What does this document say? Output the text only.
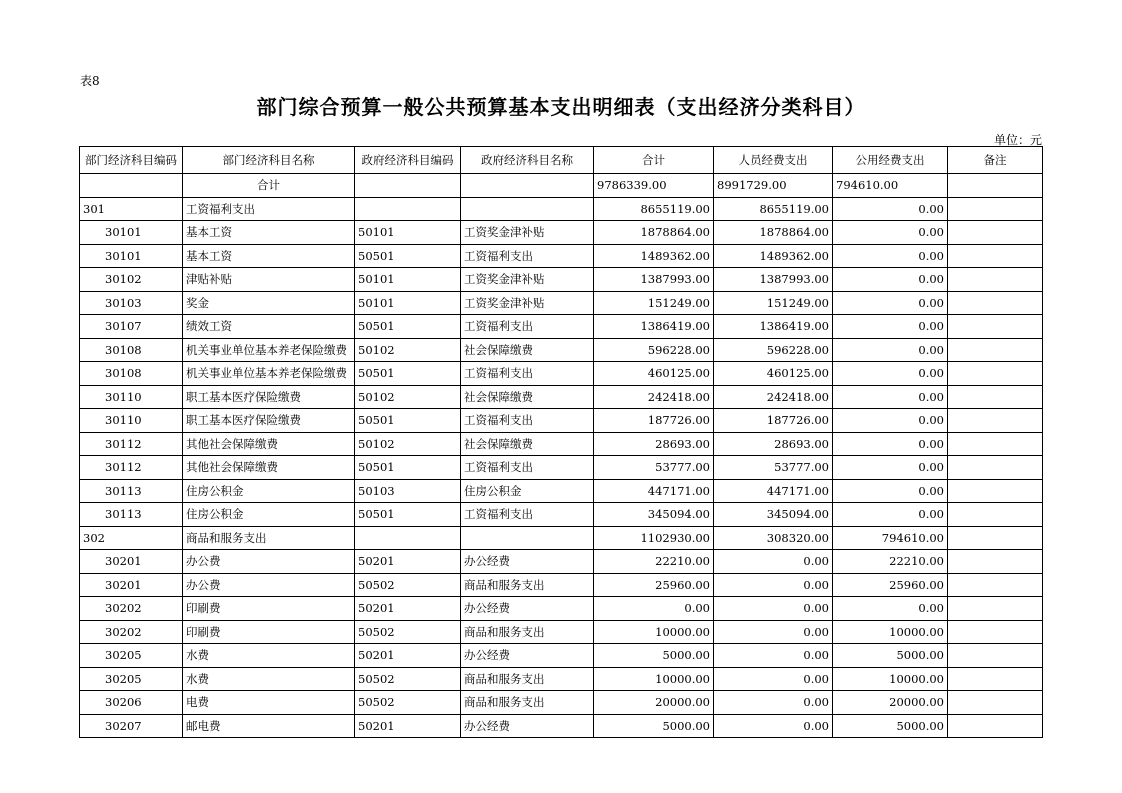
表8
部门综合预算一般公共预算基本支出明细表（支出经济分类科目）
单位：元
部门经济科目编码	部门经济科目名称	政府经济科目编码	政府经济科目名称	合计	人员经费支出	公用经费支出	备注
	合计			9786339.00	8991729.00	794610.00	
301	工资福利支出			8655119.00	8655119.00	0.00	
30101	基本工资	50101	工资奖金津补贴	1878864.00	1878864.00	0.00	
30101	基本工资	50501	工资福利支出	1489362.00	1489362.00	0.00	
30102	津贴补贴	50101	工资奖金津补贴	1387993.00	1387993.00	0.00	
30103	奖金	50101	工资奖金津补贴	151249.00	151249.00	0.00	
30107	绩效工资	50501	工资福利支出	1386419.00	1386419.00	0.00	
30108	机关事业单位基本养老保险缴费	50102	社会保障缴费	596228.00	596228.00	0.00	
30108	机关事业单位基本养老保险缴费	50501	工资福利支出	460125.00	460125.00	0.00	
30110	职工基本医疗保险缴费	50102	社会保障缴费	242418.00	242418.00	0.00	
30110	职工基本医疗保险缴费	50501	工资福利支出	187726.00	187726.00	0.00	
30112	其他社会保障缴费	50102	社会保障缴费	28693.00	28693.00	0.00	
30112	其他社会保障缴费	50501	工资福利支出	53777.00	53777.00	0.00	
30113	住房公积金	50103	住房公积金	447171.00	447171.00	0.00	
30113	住房公积金	50501	工资福利支出	345094.00	345094.00	0.00	
302	商品和服务支出			1102930.00	308320.00	794610.00	
30201	办公费	50201	办公经费	22210.00	0.00	22210.00	
30201	办公费	50502	商品和服务支出	25960.00	0.00	25960.00	
30202	印刷费	50201	办公经费	0.00	0.00	0.00	
30202	印刷费	50502	商品和服务支出	10000.00	0.00	10000.00	
30205	水费	50201	办公经费	5000.00	0.00	5000.00	
30205	水费	50502	商品和服务支出	10000.00	0.00	10000.00	
30206	电费	50502	商品和服务支出	20000.00	0.00	20000.00	
30207	邮电费	50201	办公经费	5000.00	0.00	5000.00	
